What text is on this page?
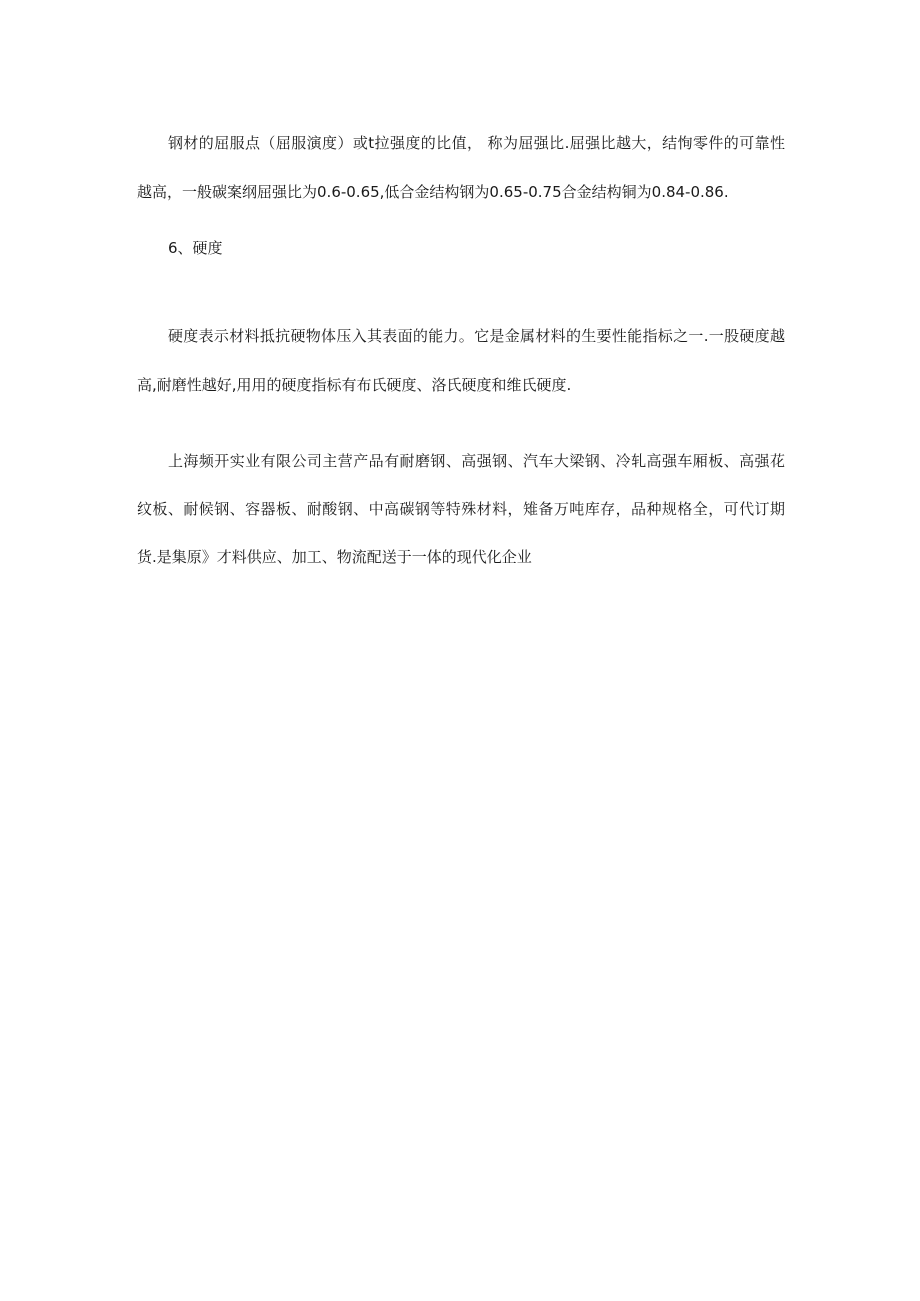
钢材的屈服点（屈服演度）或t拉强度的比值， 称为屈强比.屈强比越大，结恂零件的可靠性
越高，一般碳案纲屈强比为0.6-0.65,低合金结构钢为0.65-0.75合金结构铜为0.84-0.86.
6、硬度
硬度表示材料抵抗硬物体压入其表面的能力。它是金属材料的生要性能指标之一.一股硬度越
高,耐磨性越好,用用的硬度指标有布氏硬度、洛氏硬度和维氏硬度.
上海频开实业有限公司主营产品有耐磨钢、高强钢、汽车大梁钢、冷轧高强车厢板、高强花
纹板、耐候钢、容器板、耐酸钢、中高碳钢等特殊材料，雉备万吨库存，品种规格全，可代订期
货.是集原》才料供应、加工、物流配送于一体的现代化企业
